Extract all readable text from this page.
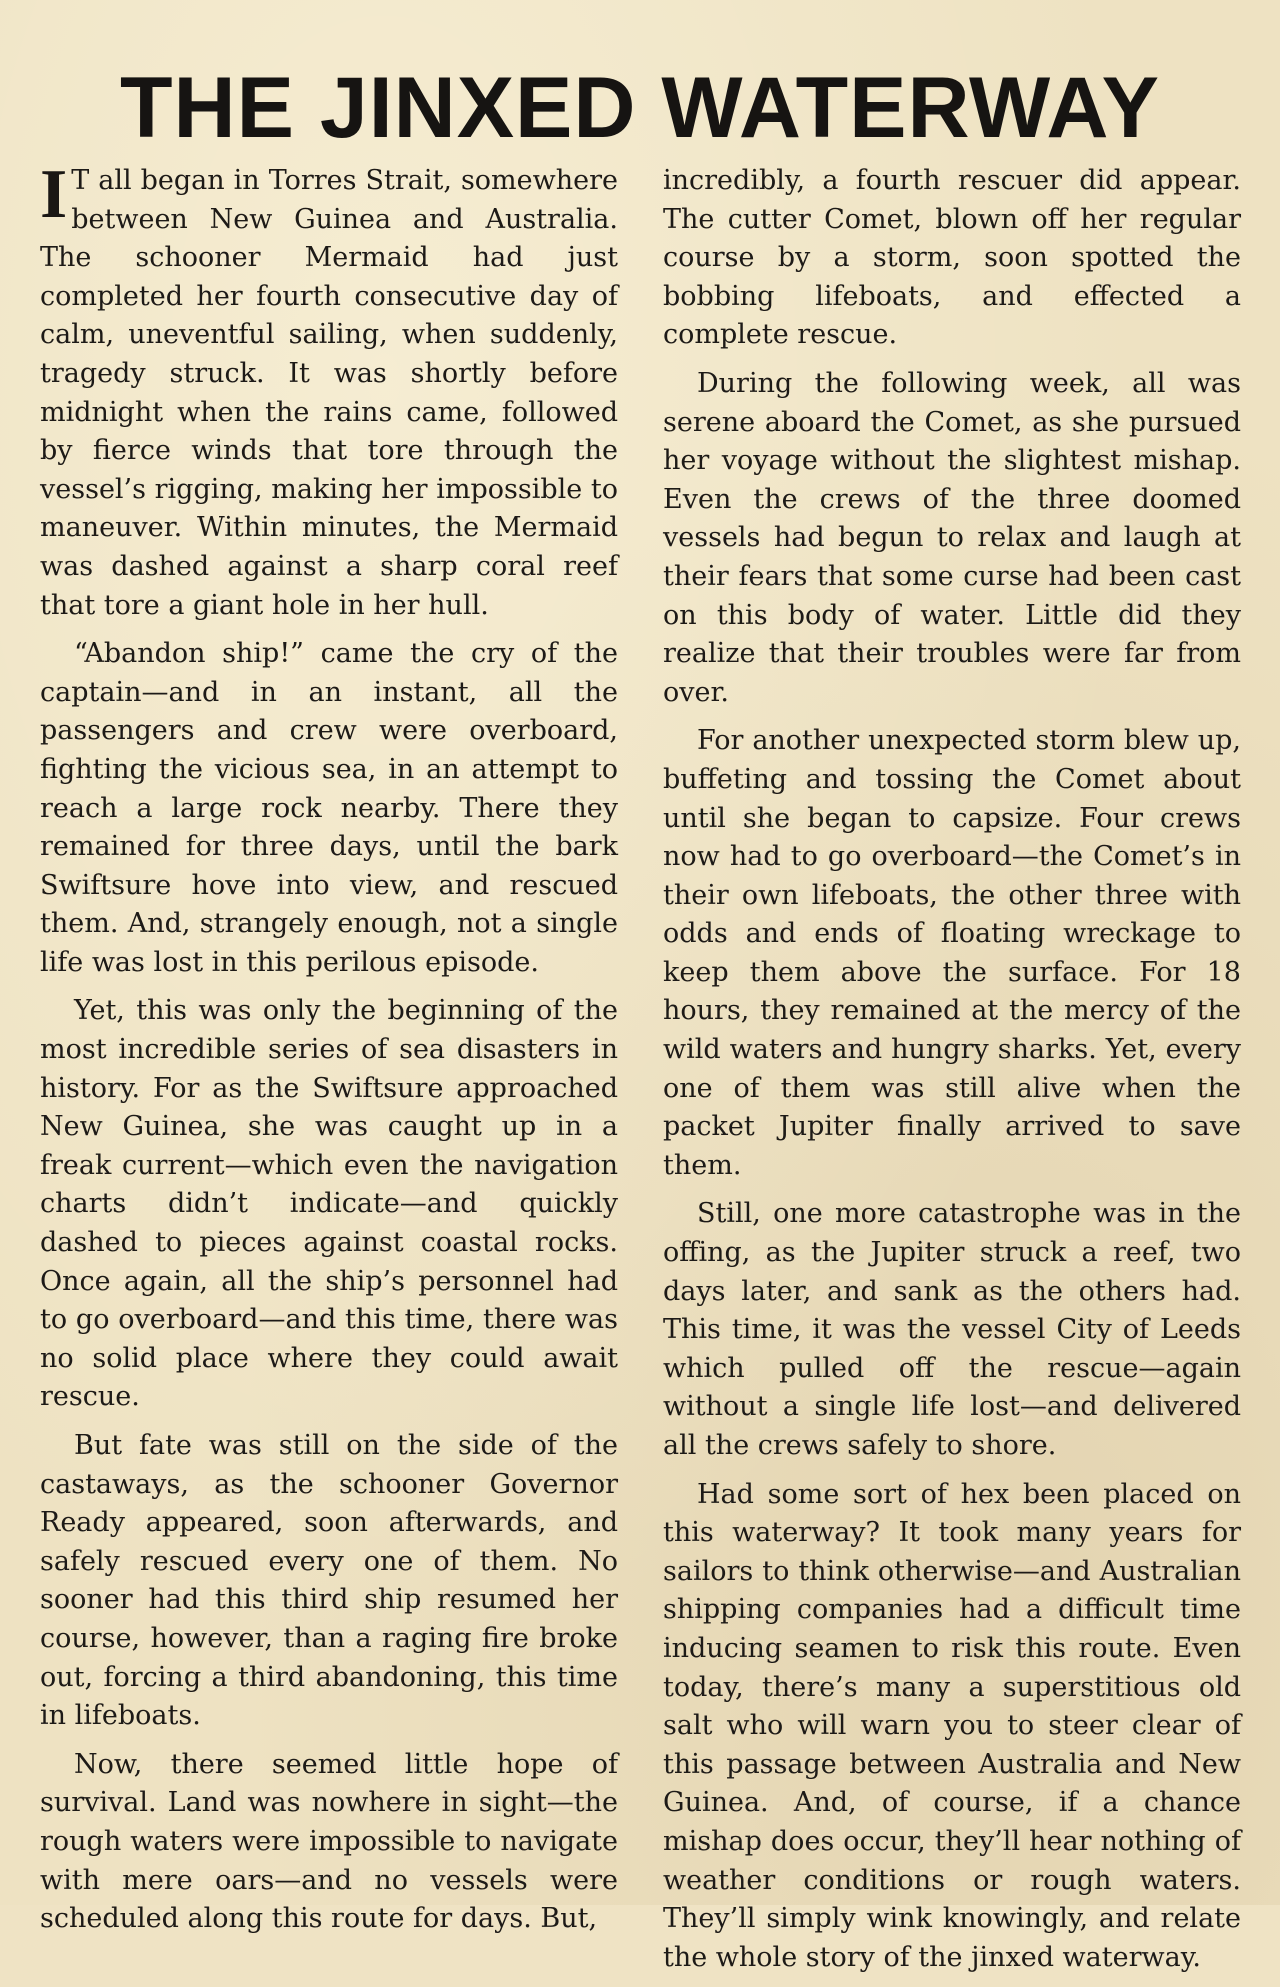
THE JINXED WATERWAY

I T all began in Torres Strait, somewhere between New Guinea and Australia. The schooner Mermaid had just completed her fourth consecutive day of calm, uneventful sailing, when suddenly, tragedy struck. It was shortly before midnight when the rains came, followed by fierce winds that tore through the vessel’s rigging, making her impossible to maneuver. Within minutes, the Mermaid was dashed against a sharp coral reef that tore a giant hole in her hull.

“Abandon ship!” came the cry of the captain—and in an instant, all the passengers and crew were overboard, fighting the vicious sea, in an attempt to reach a large rock nearby. There they remained for three days, until the bark Swiftsure hove into view, and rescued them. And, strangely enough, not a single life was lost in this perilous episode.

Yet, this was only the beginning of the most incredible series of sea disasters in history. For as the Swiftsure approached New Guinea, she was caught up in a freak current—which even the navigation charts didn’t indicate—and quickly dashed to pieces against coastal rocks. Once again, all the ship’s personnel had to go overboard—and this time, there was no solid place where they could await rescue.

But fate was still on the side of the castaways, as the schooner Governor Ready appeared, soon afterwards, and safely rescued every one of them. No sooner had this third ship resumed her course, however, than a raging fire broke out, forcing a third abandoning, this time in lifeboats.

Now, there seemed little hope of survival. Land was nowhere in sight—the rough waters were impossible to navigate with mere oars—and no vessels were scheduled along this route for days. But,

incredibly, a fourth rescuer did appear. The cutter Comet, blown off her regular course by a storm, soon spotted the bobbing lifeboats, and effected a complete rescue.

During the following week, all was serene aboard the Comet, as she pursued her voyage without the slightest mishap. Even the crews of the three doomed vessels had begun to relax and laugh at their fears that some curse had been cast on this body of water. Little did they realize that their troubles were far from over.

For another unexpected storm blew up, buffeting and tossing the Comet about until she began to capsize. Four crews now had to go overboard—the Comet’s in their own lifeboats, the other three with odds and ends of floating wreckage to keep them above the surface. For 18 hours, they remained at the mercy of the wild waters and hungry sharks. Yet, every one of them was still alive when the packet Jupiter finally arrived to save them.

Still, one more catastrophe was in the offing, as the Jupiter struck a reef, two days later, and sank as the others had. This time, it was the vessel City of Leeds which pulled off the rescue—again without a single life lost—and delivered all the crews safely to shore.

Had some sort of hex been placed on this waterway? It took many years for sailors to think otherwise—and Australian shipping companies had a difficult time inducing seamen to risk this route. Even today, there’s many a superstitious old salt who will warn you to steer clear of this passage between Australia and New Guinea. And, of course, if a chance mishap does occur, they’ll hear nothing of weather conditions or rough waters. They’ll simply wink knowingly, and relate the whole story of the jinxed waterway.
